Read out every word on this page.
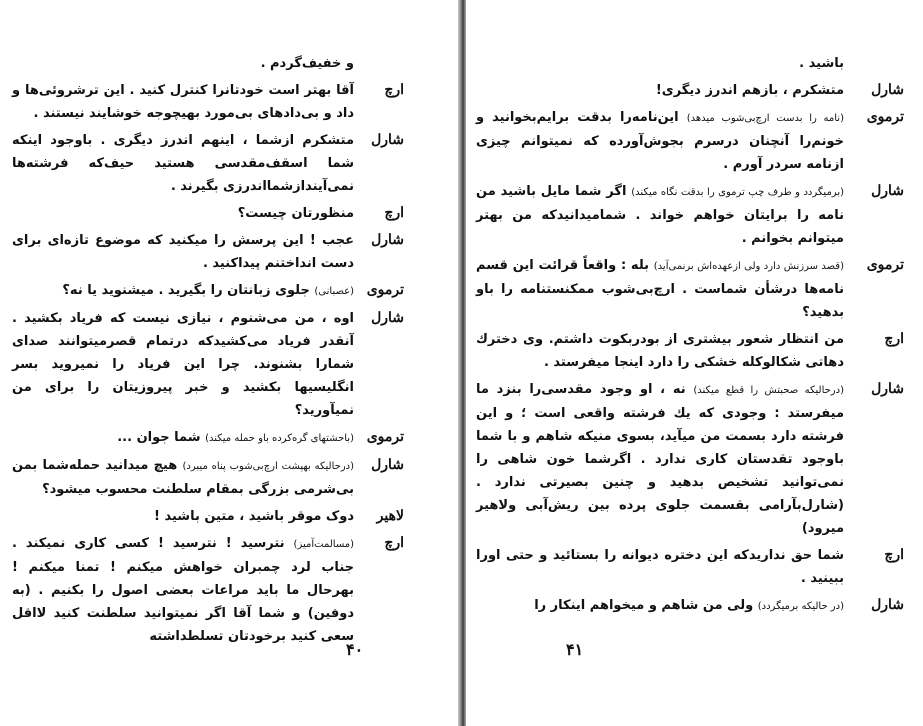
و خفیف‌گردم .
ارچ
آقا بهتر است خودتانرا کنترل کنید . این ترشروئی‌ها و داد و بی‌دادهای بی‌مورد بهیچوجه خوشایند نیستند .
شارل
متشکرم ازشما ، اینهم اندرز دیگری . باوجود اینکه شما اسقف‌مقدسی هستید حیف‌که فرشته‌ها نمی‌آیندازشمااندرزی بگیرند .
ارچ
منظورتان چیست؟
شارل
عجب ! این پرسش را میکنید که موضوع تازه‌ای برای دست انداختنم پیداکنید .
ترموی
(عصبانی) جلوی زبانتان را بگیرید . میشنوید یا نه؟
شارل
اوه ، من می‌شنوم ، نیازی نیست که فریاد بکشید . آنقدر فریاد می‌کشیدکه درتمام قصرمیتوانند صدای شمارا بشنوند. چرا این فریاد را نمیروید بسر انگلیسیها بکشید و خبر پیروزیتان را برای من نمیآورید؟
ترموی
(باحشتهای گره‌کرده باو حمله میکند) شما جوان ...
شارل
(درحالیکه بهپشت ارچ‌بی‌شوب پناه میبرد) هیچ میدانید حمله‌شما بمن بی‌شرمی بزرگی بمقام سلطنت محسوب میشود؟
لاهیر
دوک موقر باشید ، متین باشید !
ارچ
(مسالمت‌آمیز) نترسید ! نترسید ! کسی کاری نمیکند . جناب لرد چمبران خواهش میکنم ! تمنا میکنم ! بهرحال ما باید مراعات بعضی اصول را بکنیم . (به دوفین) و شما آقا اگر نمیتوانید سلطنت کنید لااقل سعی کنید برخودتان تسلطداشته
۴۰
باشید .
شارل
متشکرم ، بازهم اندرز دیگری!
ترموی
(نامه را بدست ارچ‌بی‌شوب میدهد) این‌نامه‌را بدقت برایم‌بخوانید و خونم‌را آنچنان درسرم بجوش‌آورده که نمیتوانم چیزی ازنامه سردر آورم .
شارل
(برمیگردد و طرف چپ ترموی را بدقت نگاه میکند) اگر شما مایل باشید من نامه را برایتان خواهم خواند . شمامیدانیدکه من بهتر میتوانم بخوانم .
ترموی
(قصد سرزنش دارد ولی ازعهده‌اش برنمی‌آید) بله : واقعاً قرائت این قسم نامه‌ها درشأن شماست . ارچ‌بی‌شوب ممکنستنامه را باو بدهید؟
ارچ
من انتظار شعور بیشتری از بودربکوت داشتم. وی دخترك دهاتی شکالوکله خشکی را دارد اینجا میفرستد .
شارل
(درحالیکه صحبتش را قطع میکند) نه ، او وجود مقدسی‌را بنزد ما میفرستد : وجودی که یك فرشته واقعی است ؛ و این فرشته دارد بسمت من میآید، بسوی منیکه شاهم و با شما باوجود تقدستان کاری ندارد . اگرشما خون شاهی را نمی‌توانید تشخیص بدهید و چنین بصیرتی ندارد . (شارل‌بآرامی بقسمت جلوی پرده بین ریش‌آبی ولاهیر میرود)
ارچ
شما حق ندارید‌که این دختره دیوانه را بستائید و حتی اورا ببینید .
شارل
(در حالیکه برمیگردد) ولی من شاهم و میخواهم اینکار را
۴۱
